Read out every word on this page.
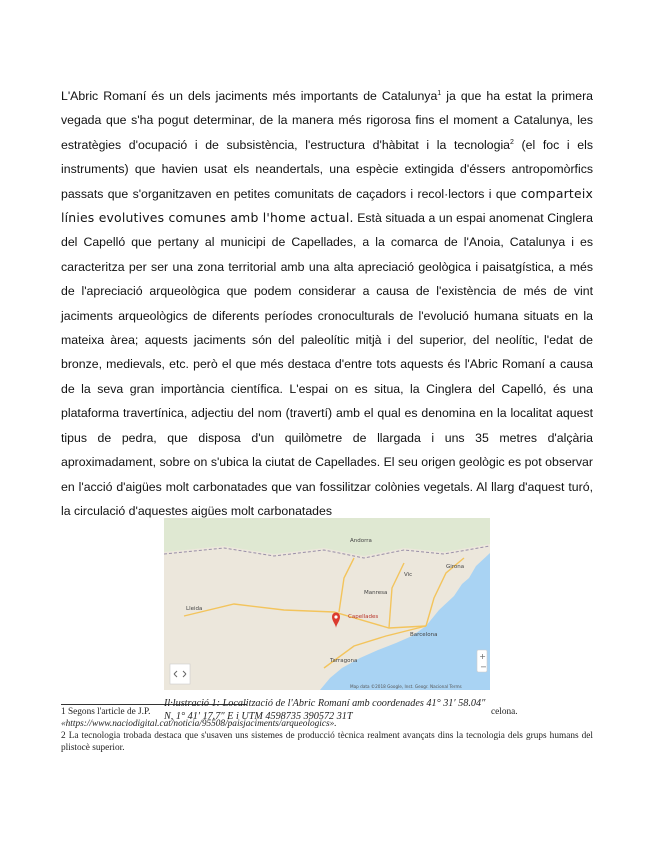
L'Abric Romaní és un dels jaciments més importants de Catalunya$^1$ ja que ha estat la primera vegada que s'ha pogut determinar, de la manera més rigorosa fins el moment a Catalunya, les estratègies d'ocupació i de subsistència, l'estructura d'hàbitat i la tecnologia$^2$ (el foc i els instruments) que havien usat els neandertals, una espècie extingida d'éssers antropomòrfics passats que s'organitzaven en petites comunitats de caçadors i recol·lectors i que comparteix línies evolutives comunes amb l'home actual. Està situada a un espai anomenat Cinglera del Capelló que pertany al municipi de Capellades, a la comarca de l'Anoia, Catalunya i es caracteritza per ser una zona territorial amb una alta apreciació geològica i paisatgística, a més de l'apreciació arqueològica que podem considerar a causa de l'existència de més de vint jaciments arqueològics de diferents períodes cronoculturals de l'evolució humana situats en la mateixa àrea; aquests jaciments són del paleolític mitjà i del superior, del neolític, l'edat de bronze, medievals, etc. però el que més destaca d'entre tots aquests és l'Abric Romaní a causa de la seva gran importància científica. L'espai on es situa, la Cinglera del Capelló, és una plataforma travertínica, adjectiu del nom (travertí) amb el qual es denomina en la localitat aquest tipus de pedra, que disposa d'un quilòmetre de llargada i uns 35 metres d'alçària aproximadament, sobre on s'ubica la ciutat de Capellades. El seu origen geològic es pot observar en l'acció d'aigües molt carbonatades que van fossilitzar colònies vegetals. Al llarg d'aquest turó, la circulació d'aquestes aigües molt carbonatades

Barcelona
Lleida
Girona
Tarragona
Andorra
Manresa
Vic
Capellades
+
−
Map data ©2018 Google, Inst. Geogr. Nacional Terms

1 Segons l'article de J.P.	celona.

«https://www.naciodigital.cat/noticia/95508/paisjaciments/arqueologics».

2 La tecnologia trobada destaca que s'usaven uns sistemes de producció tècnica realment avançats dins la tecnologia dels grups humans del plistocè superior.

Il·lustració 1: Localització de l'Abric Romaní amb coordenades 41° 31′ 58.04″ N, 1° 41′ 17.7″ E i UTM 4598735 390572 31T
